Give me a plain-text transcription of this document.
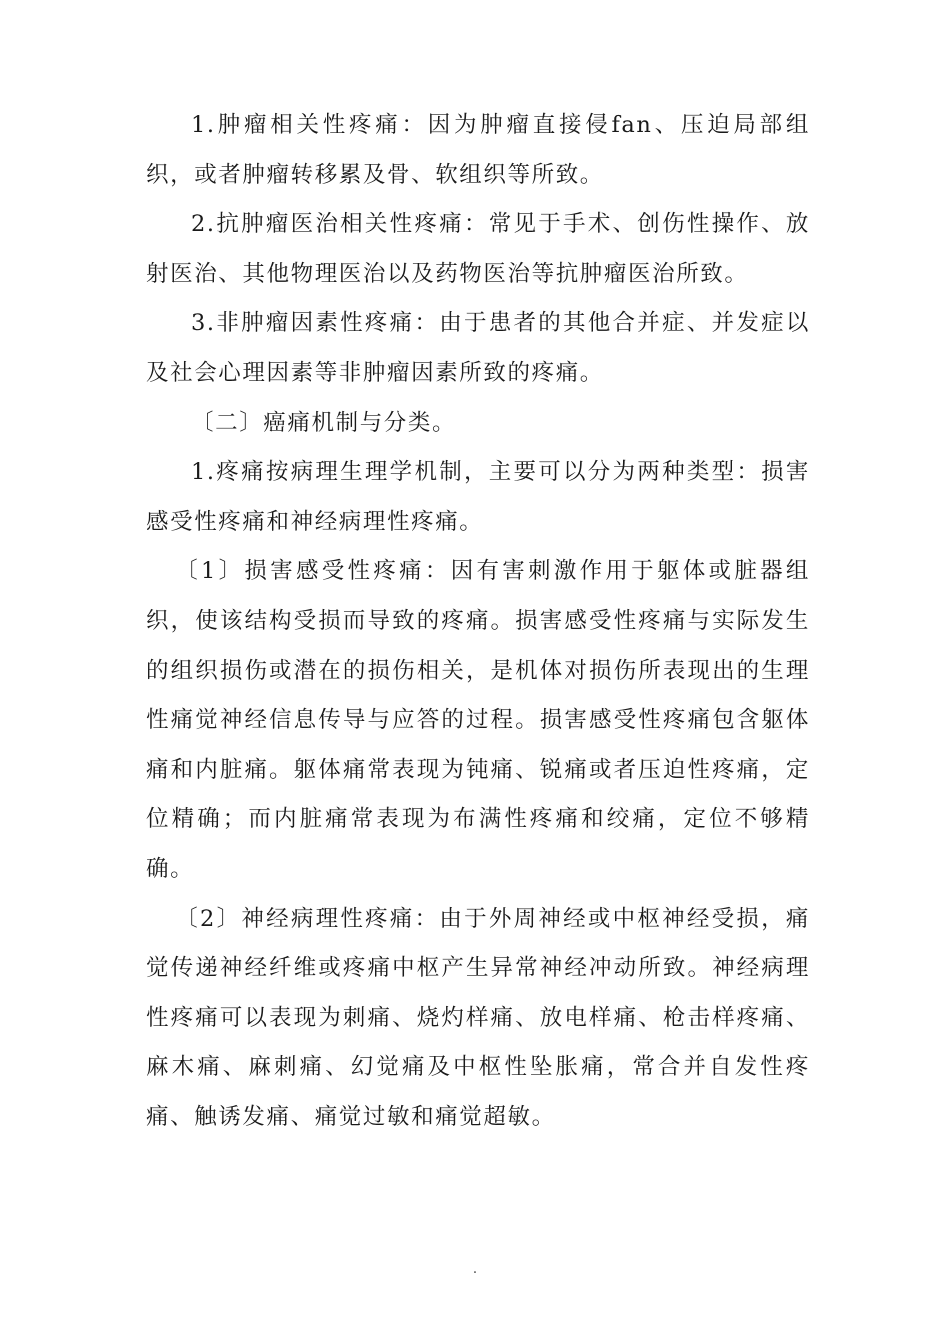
1.肿瘤相关性疼痛：因为肿瘤直接侵fan、压迫局部组织，或者肿瘤转移累及骨、软组织等所致。

2.抗肿瘤医治相关性疼痛：常见于手术、创伤性操作、放射医治、其他物理医治以及药物医治等抗肿瘤医治所致。

3.非肿瘤因素性疼痛：由于患者的其他合并症、并发症以及社会心理因素等非肿瘤因素所致的疼痛。

〔二〕癌痛机制与分类。

1.疼痛按病理生理学机制，主要可以分为两种类型：损害感受性疼痛和神经病理性疼痛。

〔1〕损害感受性疼痛：因有害刺激作用于躯体或脏器组织，使该结构受损而导致的疼痛。损害感受性疼痛与实际发生的组织损伤或潜在的损伤相关，是机体对损伤所表现出的生理性痛觉神经信息传导与应答的过程。损害感受性疼痛包含躯体痛和内脏痛。躯体痛常表现为钝痛、锐痛或者压迫性疼痛，定位精确；而内脏痛常表现为布满性疼痛和绞痛，定位不够精确。

〔2〕神经病理性疼痛：由于外周神经或中枢神经受损，痛觉传递神经纤维或疼痛中枢产生异常神经冲动所致。神经病理性疼痛可以表现为刺痛、烧灼样痛、放电样痛、枪击样疼痛、麻木痛、麻刺痛、幻觉痛及中枢性坠胀痛，常合并自发性疼痛、触诱发痛、痛觉过敏和痛觉超敏。

.
